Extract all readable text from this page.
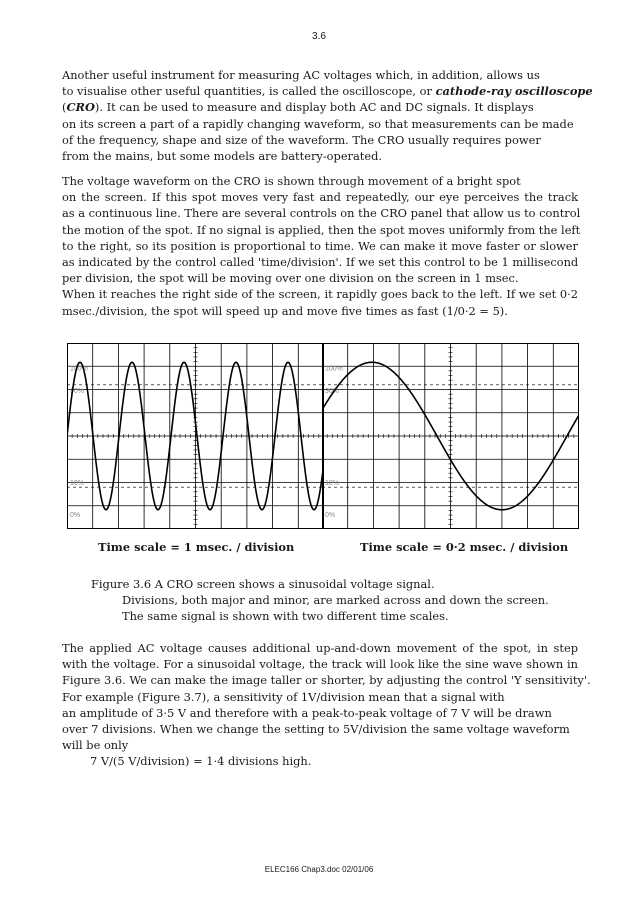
3.6
Another useful instrument for measuring AC voltages which, in addition, allows us
to visualise other useful quantities, is called the oscilloscope, or cathode-ray oscilloscope
(CRO). It can be used to measure and display both AC and DC signals. It displays
on its screen a part of a rapidly changing waveform, so that measurements can be made
of the frequency, shape and size of the waveform. The CRO usually requires power
from the mains, but some models are battery-operated.
The voltage waveform on the CRO is shown through movement of a bright spot
on the screen. If this spot moves very fast and repeatedly, our eye perceives the track
as a continuous line. There are several controls on the CRO panel that allow us to control
the motion of the spot. If no signal is applied, then the spot moves uniformly from the left
to the right, so its position is proportional to time. We can make it move faster or slower
as indicated by the control called 'time/division'. If we set this control to be 1 millisecond
per division, the spot will be moving over one division on the screen in 1 msec.
When it reaches the right side of the screen, it rapidly goes back to the left. If we set 0·2
msec./division, the spot will speed up and move five times as fast (1/0·2 = 5).
100%
90%
10%
0%
100%
90%
10%
0%
Time scale = 1 msec. / division	Time scale = 0·2 msec. / division
Figure 3.6 A CRO screen shows a sinusoidal voltage signal.
Divisions, both major and minor, are marked across and down the screen.
The same signal is shown with two different time scales.
The applied AC voltage causes additional up-and-down movement of the spot, in step
with the voltage. For a sinusoidal voltage, the track will look like the sine wave shown in
Figure 3.6. We can make the image taller or shorter, by adjusting the control 'Y sensitivity'.
For example (Figure 3.7), a sensitivity of 1V/division mean that a signal with
an amplitude of 3·5 V and therefore with a peak-to-peak voltage of 7 V will be drawn
over 7 divisions. When we change the setting to 5V/division the same voltage waveform
will be only
7 V/(5 V/division) = 1·4 divisions high.
ELEC166 Chap3.doc 02/01/06
